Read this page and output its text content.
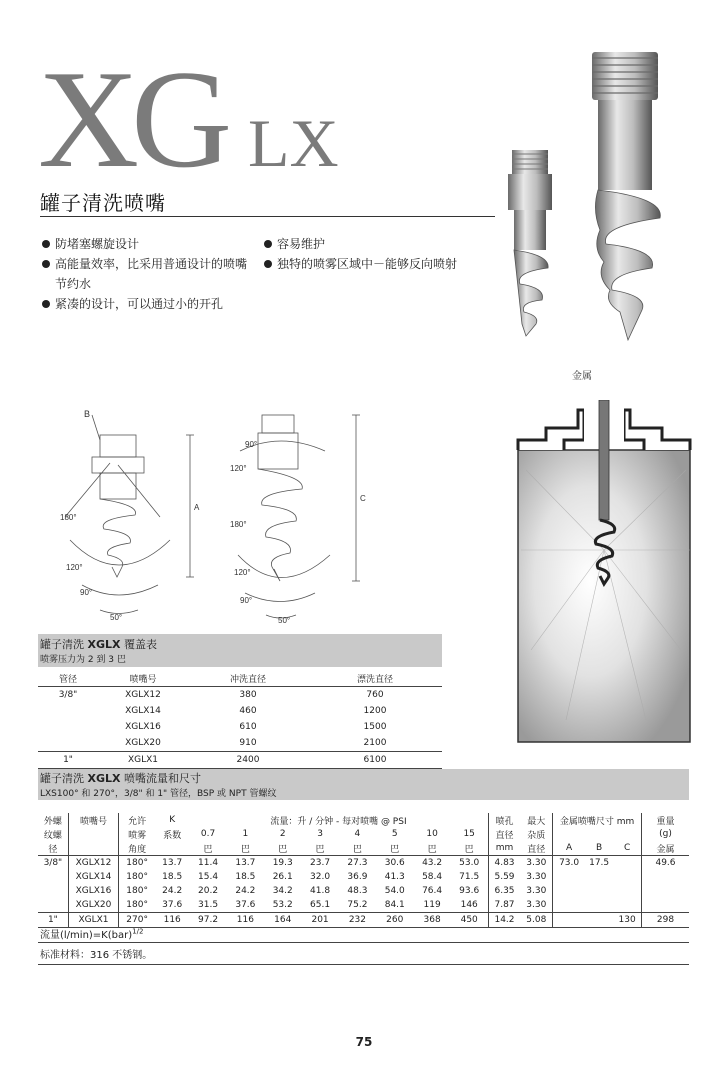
XG LX
罐子清洗喷嘴
防堵塞螺旋设计
高能量效率，比采用普通设计的喷嘴
节约水
紧凑的设计，可以通过小的开孔
容易维护
独特的喷雾区域中－能够反向喷射
金属
B
180°
120°
90°
50°
A
90°
120°
180°
120°
90°
50°
C
罐子清洗 XGLX 覆盖表
喷雾压力为 2 到 3 巴
管径	喷嘴号	冲洗直径	漂洗直径
3/8"	XGLX12	380	760
	XGLX14	460	1200
	XGLX16	610	1500
	XGLX20	910	2100
1"	XGLX1	2400	6100
罐子清洗 XGLX 喷嘴流量和尺寸
LXS100° 和 270°，3/8" 和 1" 管径，BSP 或 NPT 管螺纹
外螺	喷嘴号	允许	K	流量：升 / 分钟 - 每对喷嘴 @ PSI								喷孔	最大	金属喷嘴尺寸 mm			重量
纹螺		喷雾	系数	0.7	1	2	3	4	5	10	15	直径	杂质				(g)
径		角度		巴	巴	巴	巴	巴	巴	巴	巴	mm	直径	A	B	C	金属
3/8"	XGLX12	180°	13.7	11.4	13.7	19.3	23.7	27.3	30.6	43.2	53.0	4.83	3.30	73.0	17.5		49.6
	XGLX14	180°	18.5	15.4	18.5	26.1	32.0	36.9	41.3	58.4	71.5	5.59	3.30				
	XGLX16	180°	24.2	20.2	24.2	34.2	41.8	48.3	54.0	76.4	93.6	6.35	3.30				
	XGLX20	180°	37.6	31.5	37.6	53.2	65.1	75.2	84.1	119	146	7.87	3.30				
1"	XGLX1	270°	116	97.2	116	164	201	232	260	368	450	14.2	5.08			130	298
流量(l/min)=K(bar)$^{1/2}$
标准材料：316 不锈钢。
75
